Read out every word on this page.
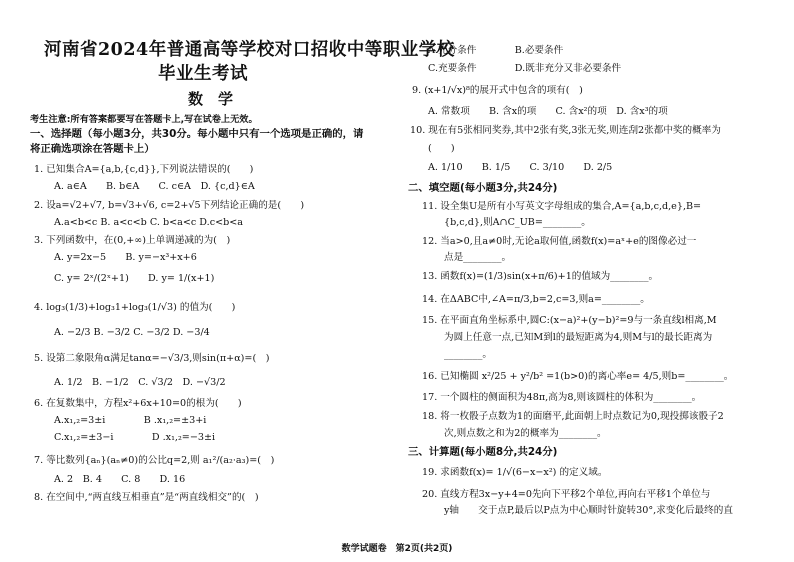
河南省2024年普通高等学校对口招收中等职业学校
毕业生考试
数　学
考生注意:所有答案都要写在答题卡上,写在试卷上无效。
一、选择题（每小题3分，共30分。每小题中只有一个选项是正确的，请
将正确选项涂在答题卡上）
1. 已知集合A={a,b,{c,d}},下列说法错误的(　　)
A. a∈A　　B. b∈A　　C. c∈A　D. {c,d}∈A
2. 设a=√2+√7, b=√3+√6, c=2+√5下列结论正确的是(　　)
A.a<b<c B. a<c<b C. b<a<c D.c<b<a
3. 下列函数中，在(0,+∞)上单调递减的为(　)
A. y=2x−5　　B. y=−x³+x+6
C. y= 2ˣ/(2ˣ+1)　　D. y= 1/(x+1)
4. log₃(1/3)+log₃1+log₃(1/√3) 的值为(　　)
A. −2/3 B. −3/2 C. −3/2 D. −3/4
5. 设第二象限角α满足tanα=−√3/3,则sin(π+α)=(　)
A. 1/2　B. −1/2　C. √3/2　D. −√3/2
6. 在复数集中，方程x²+6x+10=0的根为(　　)
A.x₁,₂=3±i　　　　B .x₁,₂=±3+i
C.x₁,₂=±3−i　　　　D .x₁,₂=−3±i
7. 等比数列{aₙ}(aₙ≠0)的公比q=2,则 a₁²/(a₂·a₃)=(　)
A. 2　B. 4　　C. 8　　D. 16
8. 在空间中,“两直线互相垂直”是“两直线相交”的(　)
A.充分条件　　　　B.必要条件
C.充要条件　　　　D.既非充分又非必要条件
9. (x+1/√x)⁸的展开式中包含的项有(　)
A. 常数项　　B. 含x的项　　C. 含x²的项　D. 含x³的项
10. 现在有5张相同奖券,其中2张有奖,3张无奖,则连刮2张都中奖的概率为
(　　)
A. 1/10　　B. 1/5　　C. 3/10　　D. 2/5
二、填空题(每小题3分,共24分)
11. 设全集U是所有小写英文字母组成的集合,A={a,b,c,d,e},B=
{b,c,d},则A∩C_UB=________。
12. 当a>0,且a≠0时,无论a取何值,函数f(x)=aˣ+e的图像必过一
点是________。
13. 函数f(x)=(1/3)sin(x+π/6)+1的值域为________。
14. 在ΔABC中,∠A=π/3,b=2,c=3,则a=________。
15. 在平面直角坐标系中,圆C:(x−a)²+(y−b)²=9与一条直线l相离,M
为圆上任意一点,已知M到l的最短距离为4,则M与l的最长距离为
________。
16. 已知椭圆 x²/25 + y²/b² =1(b>0)的离心率e= 4/5,则b=________。
17. 一个圆柱的侧面积为48π,高为8,则该圆柱的体积为________。
18. 将一枚骰子点数为1的面磨平,此面朝上时点数记为0,现投掷该骰子2
次,则点数之和为2的概率为________。
三、计算题(每小题8分,共24分)
19. 求函数f(x)= 1/√(6−x−x²) 的定义域。
20. 直线方程3x−y+4=0先向下平移2个单位,再向右平移1个单位与
y轴　　交于点P,最后以P点为中心顺时针旋转30°,求变化后最终的直
数学试题卷　第2页(共2页)
